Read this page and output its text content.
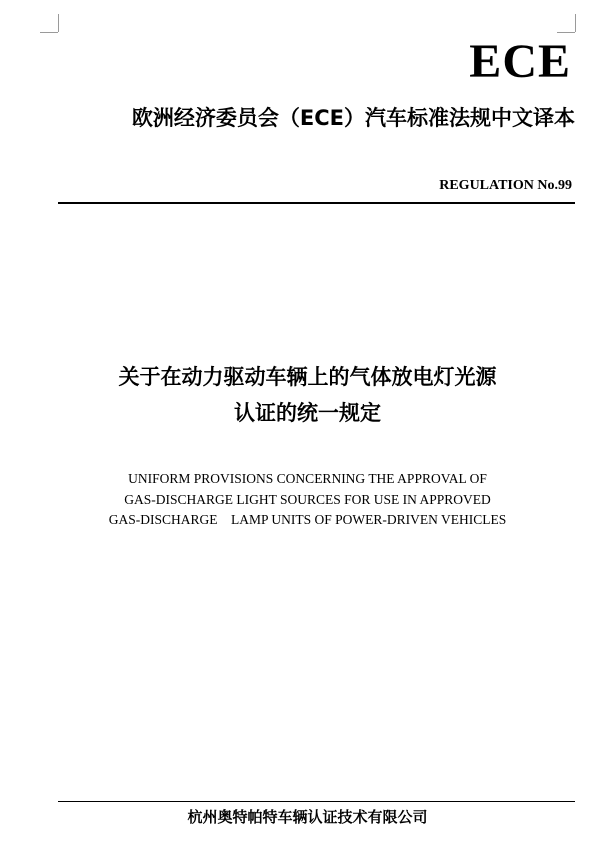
ECE
欧洲经济委员会（ECE）汽车标准法规中文译本
REGULATION No.99
关于在动力驱动车辆上的气体放电灯光源
认证的统一规定
UNIFORM PROVISIONS CONCERNING THE APPROVAL OF
GAS-DISCHARGE LIGHT SOURCES FOR USE IN APPROVED
GAS-DISCHARGE    LAMP UNITS OF POWER-DRIVEN VEHICLES
杭州奥特帕特车辆认证技术有限公司
